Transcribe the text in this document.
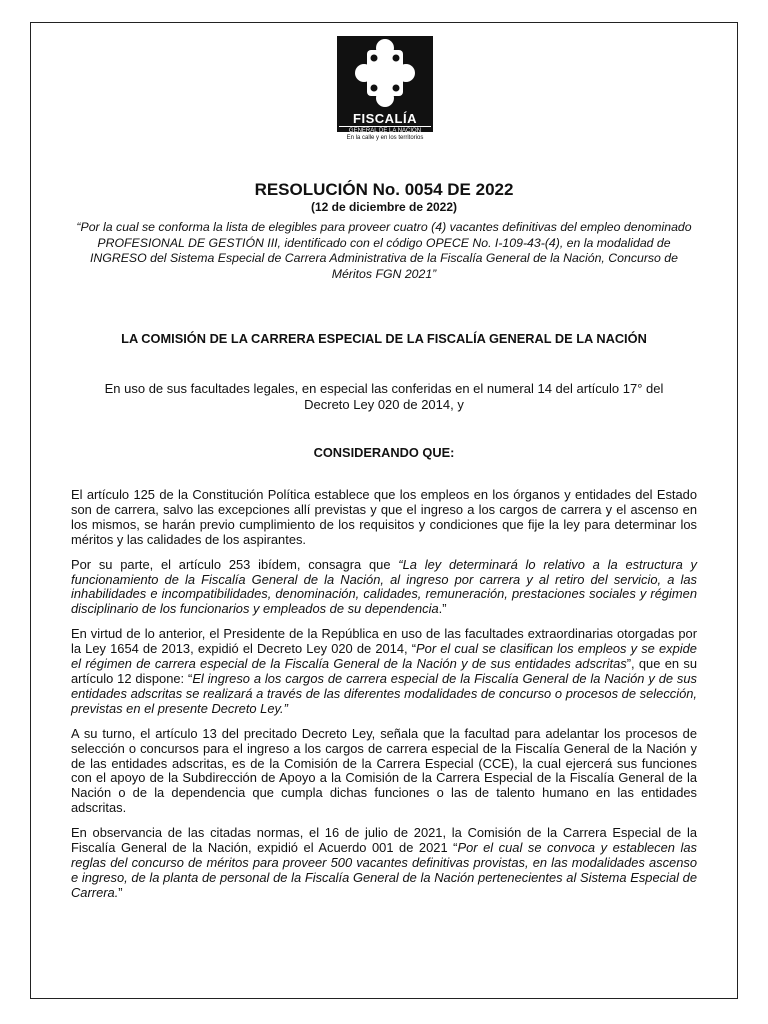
FISCALÍA
GENERAL DE LA NACIÓN
En la calle y en los territorios
RESOLUCIÓN No. 0054 DE 2022
(12 de diciembre de 2022)

“Por la cual se conforma la lista de elegibles para proveer cuatro (4) vacantes definitivas del empleo denominado PROFESIONAL DE GESTIÓN III, identificado con el código OPECE No. I-109-43-(4), en la modalidad de INGRESO del Sistema Especial de Carrera Administrativa de la Fiscalía General de la Nación, Concurso de Méritos FGN 2021”

LA COMISIÓN DE LA CARRERA ESPECIAL DE LA FISCALÍA GENERAL DE LA NACIÓN

En uso de sus facultades legales, en especial las conferidas en el numeral 14 del artículo 17° del Decreto Ley 020 de 2014, y

CONSIDERANDO QUE:

El artículo 125 de la Constitución Política establece que los empleos en los órganos y entidades del Estado son de carrera, salvo las excepciones allí previstas y que el ingreso a los cargos de carrera y el ascenso en los mismos, se harán previo cumplimiento de los requisitos y condiciones que fije la ley para determinar los méritos y las calidades de los aspirantes.

Por su parte, el artículo 253 ibídem, consagra que “La ley determinará lo relativo a la estructura y funcionamiento de la Fiscalía General de la Nación, al ingreso por carrera y al retiro del servicio, a las inhabilidades e incompatibilidades, denominación, calidades, remuneración, prestaciones sociales y régimen disciplinario de los funcionarios y empleados de su dependencia.”

En virtud de lo anterior, el Presidente de la República en uso de las facultades extraordinarias otorgadas por la Ley 1654 de 2013, expidió el Decreto Ley 020 de 2014, “Por el cual se clasifican los empleos y se expide el régimen de carrera especial de la Fiscalía General de la Nación y de sus entidades adscritas”, que en su artículo 12 dispone: “El ingreso a los cargos de carrera especial de la Fiscalía General de la Nación y de sus entidades adscritas se realizará a través de las diferentes modalidades de concurso o procesos de selección, previstas en el presente Decreto Ley.”

A su turno, el artículo 13 del precitado Decreto Ley, señala que la facultad para adelantar los procesos de selección o concursos para el ingreso a los cargos de carrera especial de la Fiscalía General de la Nación y de las entidades adscritas, es de la Comisión de la Carrera Especial (CCE), la cual ejercerá sus funciones con el apoyo de la Subdirección de Apoyo a la Comisión de la Carrera Especial de la Fiscalía General de la Nación o de la dependencia que cumpla dichas funciones o las de talento humano en las entidades adscritas.

En observancia de las citadas normas, el 16 de julio de 2021, la Comisión de la Carrera Especial de la Fiscalía General de la Nación, expidió el Acuerdo 001 de 2021 “Por el cual se convoca y establecen las reglas del concurso de méritos para proveer 500 vacantes definitivas provistas, en las modalidades ascenso e ingreso, de la planta de personal de la Fiscalía General de la Nación pertenecientes al Sistema Especial de Carrera.”
